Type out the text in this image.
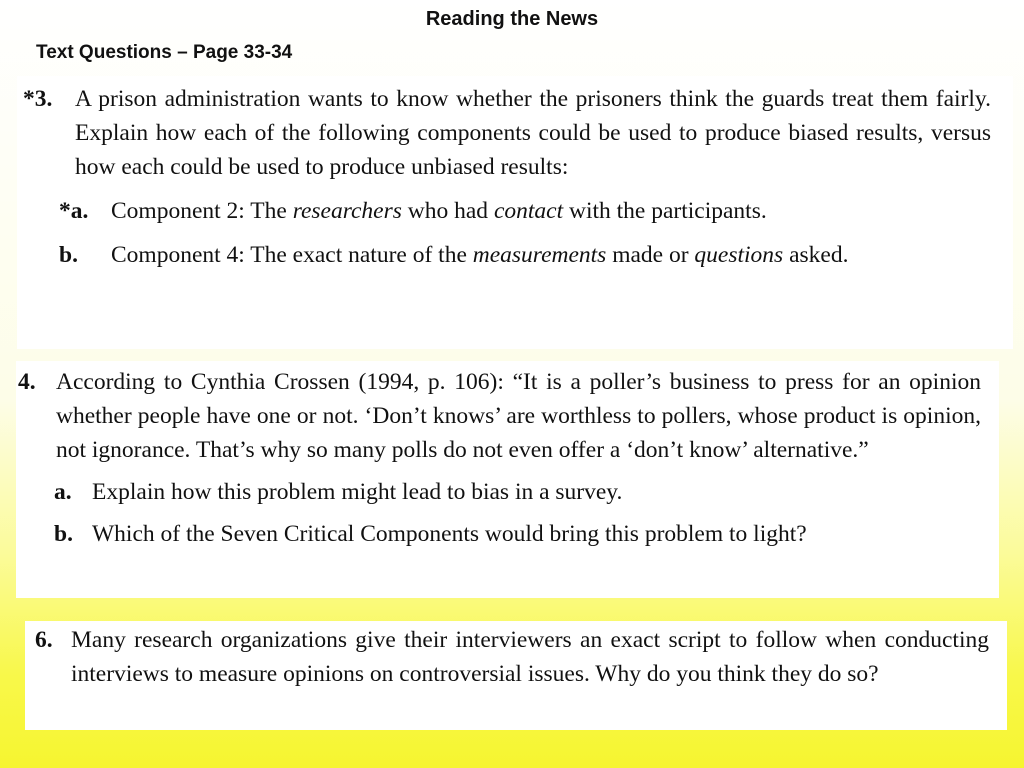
Reading the News
Text Questions – Page 33-34
*3. A prison administration wants to know whether the prisoners think the guards treat them fairly. Explain how each of the following components could be used to produce biased results, versus how each could be used to produce unbiased results:
*a. Component 2: The researchers who had contact with the participants.
b.	Component 4: The exact nature of the measurements made or questions asked.
4. According to Cynthia Crossen (1994, p. 106): “It is a poller’s business to press for an opinion whether people have one or not. ‘Don’t knows’ are worthless to pollers, whose product is opinion, not ignorance. That’s why so many polls do not even offer a ‘don’t know’ alternative.”
a. Explain how this problem might lead to bias in a survey.
b. Which of the Seven Critical Components would bring this problem to light?
6. Many research organizations give their interviewers an exact script to follow when conducting interviews to measure opinions on controversial issues. Why do you think they do so?
